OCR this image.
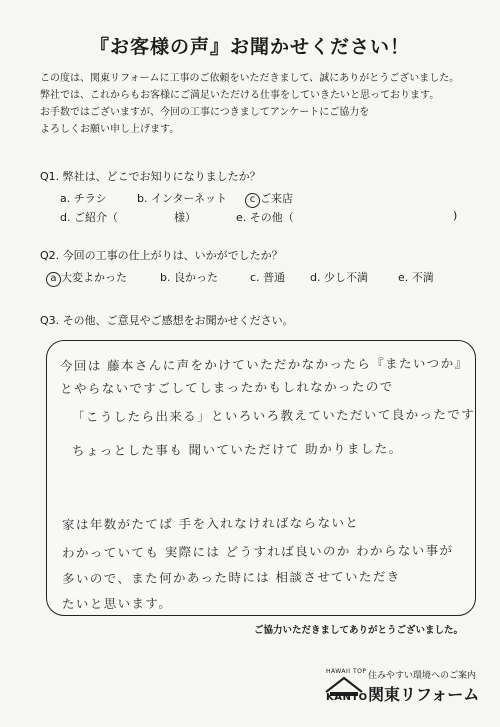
『お客様の声』お聞かせください！
この度は、関東リフォームに工事のご依頼をいただきまして、誠にありがとうございました。
弊社では、これからもお客様にご満足いただける仕事をしていきたいと思っております。
お手数ではございますが、今回の工事につきましてアンケートにご協力を
よろしくお願い申し上げます。
Q1. 弊社は、どこでお知りになりましたか？
a. チラシ	b. インターネット	c ご来店
d. ご紹介（	様）	e. その他（	)
Q2. 今回の工事の仕上がりは、いかがでしたか？
a 大変よかった	b. 良かった	c. 普通 d. 少し不満	e. 不満
Q3. その他、ご意見やご感想をお聞かせください。
今回は 藤本さんに声をかけていただかなかったら『またいつか』
とやらないですごしてしまったかもしれなかったので
「こうしたら出来る」といろいろ教えていただいて良かったです
ちょっとした事も 聞いていただけて 助かりました。
家は年数がたてば 手を入れなければならないと
わかっていても 実際には どうすれば良いのか わからない事が
多いので、また何かあった時には 相談させていただき
たいと思います。
ご協力いただきましてありがとうございました。
HAWAII TOP
KANTO
住みやすい環境へのご案内
関東リフォーム
